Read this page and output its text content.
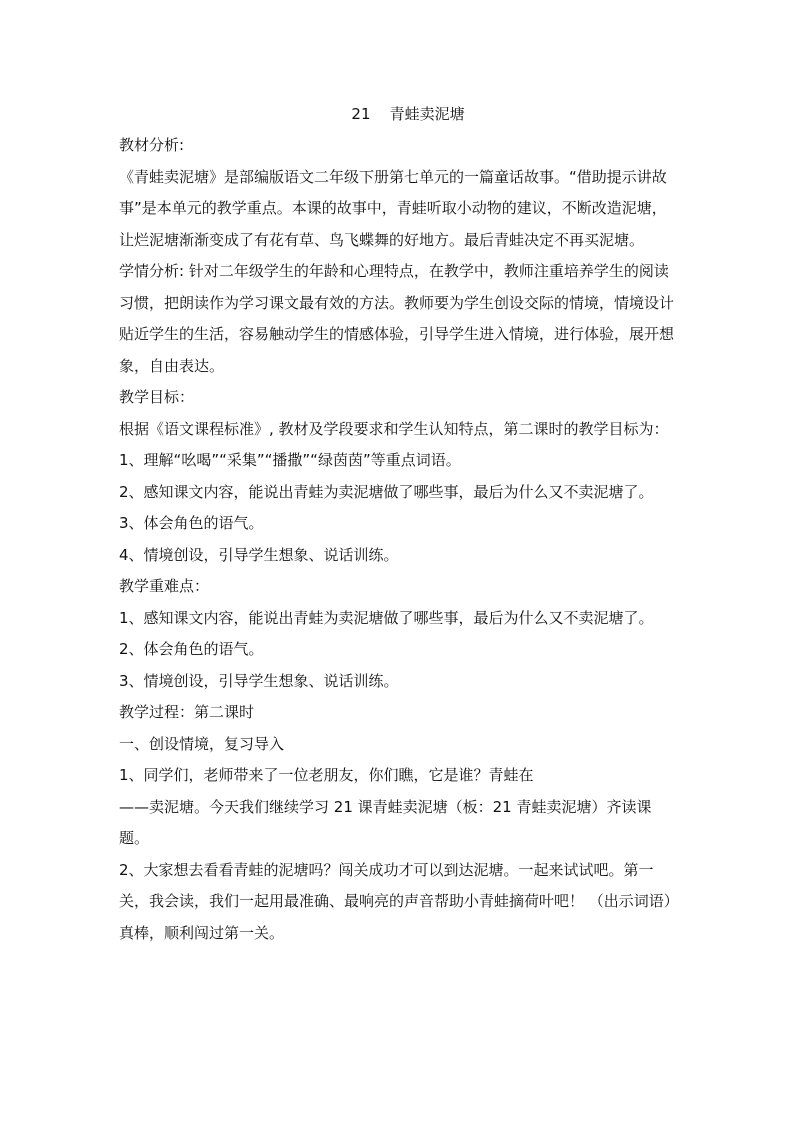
21    青蛙卖泥塘

教材分析:

《青蛙卖泥塘》是部编版语文二年级下册第七单元的一篇童话故事。“借助提示讲故事”是本单元的教学重点。本课的故事中，青蛙听取小动物的建议，不断改造泥塘，让烂泥塘渐渐变成了有花有草、鸟飞蝶舞的好地方。最后青蛙决定不再买泥塘。

学情分析: 针对二年级学生的年龄和心理特点，在教学中，教师注重培养学生的阅读习惯，把朗读作为学习课文最有效的方法。教师要为学生创设交际的情境，情境设计贴近学生的生活，容易触动学生的情感体验，引导学生进入情境，进行体验，展开想象，自由表达。

教学目标：

根据《语文课程标准》, 教材及学段要求和学生认知特点，第二课时的教学目标为：

1、理解“吆喝”“采集”“播撒”“绿茵茵”等重点词语。

2、感知课文内容，能说出青蛙为卖泥塘做了哪些事，最后为什么又不卖泥塘了。

3、体会角色的语气。

4、情境创设，引导学生想象、说话训练。

教学重难点：

1、感知课文内容，能说出青蛙为卖泥塘做了哪些事，最后为什么又不卖泥塘了。

2、体会角色的语气。

3、情境创设，引导学生想象、说话训练。

教学过程：第二课时

一、创设情境，复习导入

1、同学们，老师带来了一位老朋友，你们瞧，它是谁？青蛙在

——卖泥塘。今天我们继续学习 21 课青蛙卖泥塘（板：21 青蛙卖泥塘）齐读课题。

2、大家想去看看青蛙的泥塘吗？闯关成功才可以到达泥塘。一起来试试吧。第一关，我会读，我们一起用最准确、最响亮的声音帮助小青蛙摘荷叶吧！ （出示词语）真棒，顺利闯过第一关。
